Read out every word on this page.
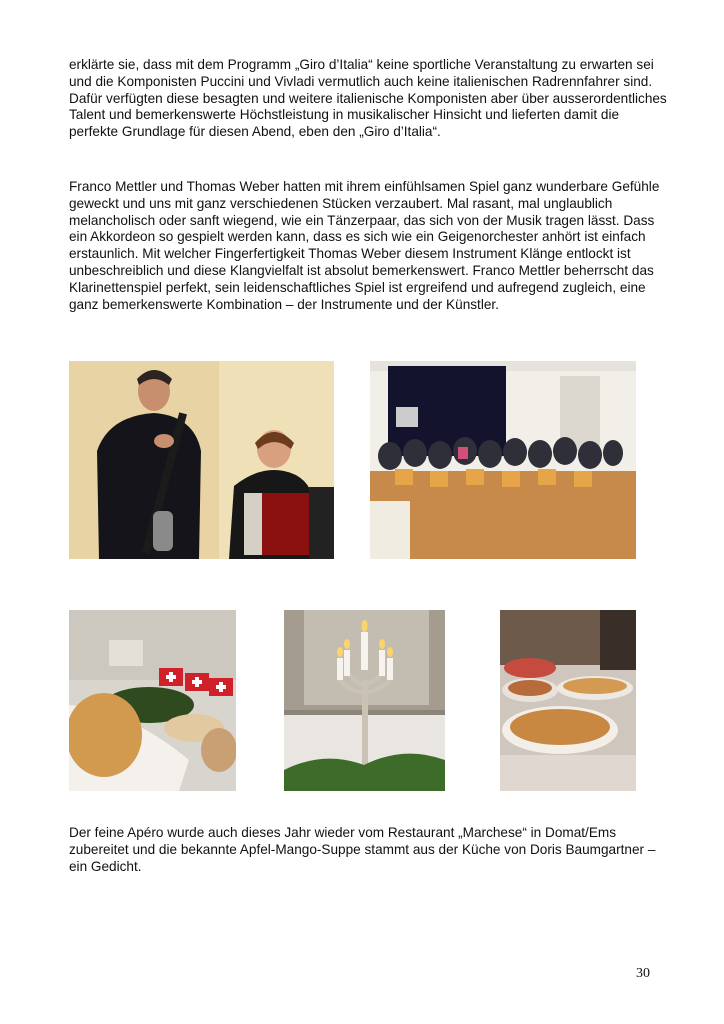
erklärte sie, dass mit dem Programm „Giro d’Italia“ keine sportliche Veranstaltung zu erwarten sei und die Komponisten Puccini und Vivladi vermutlich auch keine italienischen Radrennfahrer sind. Dafür verfügten diese besagten und weitere italienische Komponisten aber über ausserordentliches Talent und bemerkenswerte Höchstleistung in musikalischer Hinsicht und lieferten damit die perfekte Grundlage für diesen Abend, eben den „Giro d’Italia“.

Franco Mettler und Thomas Weber hatten mit ihrem einfühlsamen Spiel ganz wunderbare Gefühle geweckt und uns mit ganz verschiedenen Stücken verzaubert. Mal rasant, mal unglaublich melancholisch oder sanft wiegend, wie ein Tänzerpaar, das sich von der Musik tragen lässt. Dass ein Akkordeon so gespielt werden kann, dass es sich wie ein Geigenorchester anhört ist einfach erstaunlich. Mit welcher Fingerfertigkeit Thomas Weber diesem Instrument Klänge entlockt ist unbeschreiblich und diese Klangvielfalt ist absolut bemerkenswert. Franco Mettler beherrscht das Klarinettenspiel perfekt, sein leidenschaftliches Spiel ist ergreifend und aufregend zugleich, eine ganz bemerkenswerte Kombination – der Instrumente und der Künstler.

Der feine Apéro wurde auch dieses Jahr wieder vom Restaurant „Marchese“ in Domat/Ems zubereitet und die bekannte Apfel-Mango-Suppe stammt aus der Küche von Doris Baumgartner – ein Gedicht.

30
